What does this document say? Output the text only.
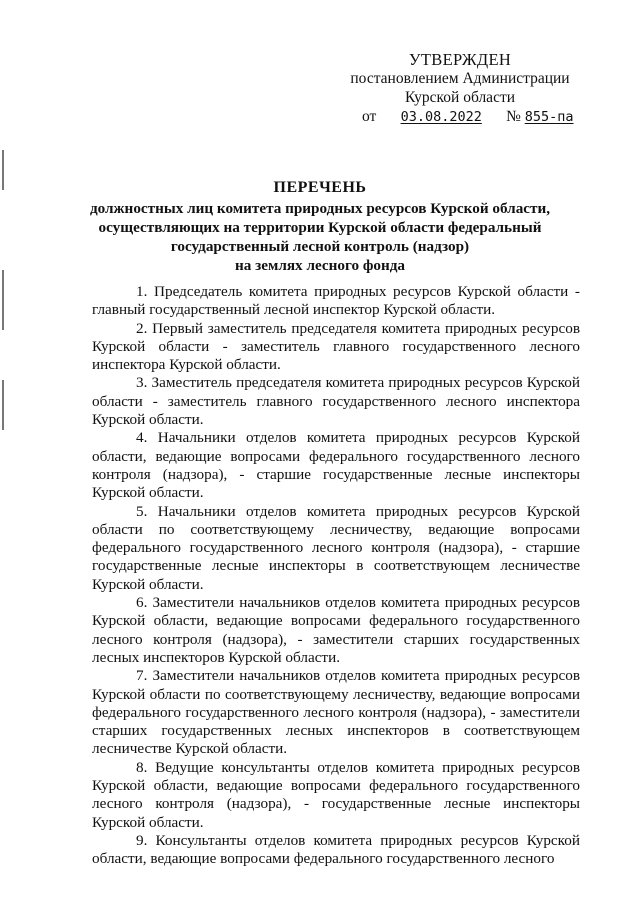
УТВЕРЖДЕН
постановлением Администрации
Курской области
от 03.08.2022 № 855-па
ПЕРЕЧЕНЬ
должностных лиц комитета природных ресурсов Курской области,
осуществляющих на территории Курской области федеральный
государственный лесной контроль (надзор)
на землях лесного фонда

1. Председатель комитета природных ресурсов Курской области - главный государственный лесной инспектор Курской области.

2. Первый заместитель председателя комитета природных ресурсов Курской области - заместитель главного государственного лесного инспектора Курской области.

3. Заместитель председателя комитета природных ресурсов Курской области - заместитель главного государственного лесного инспектора Курской области.

4. Начальники отделов комитета природных ресурсов Курской области, ведающие вопросами федерального государственного лесного контроля (надзора), - старшие государственные лесные инспекторы Курской области.

5. Начальники отделов комитета природных ресурсов Курской области по соответствующему лесничеству, ведающие вопросами федерального государственного лесного контроля (надзора), - старшие государственные лесные инспекторы в соответствующем лесничестве Курской области.

6. Заместители начальников отделов комитета природных ресурсов Курской области, ведающие вопросами федерального государственного лесного контроля (надзора), - заместители старших государственных лесных инспекторов Курской области.

7. Заместители начальников отделов комитета природных ресурсов Курской области по соответствующему лесничеству, ведающие вопросами федерального государственного лесного контроля (надзора), - заместители старших государственных лесных инспекторов в соответствующем лесничестве Курской области.

8. Ведущие консультанты отделов комитета природных ресурсов Курской области, ведающие вопросами федерального государственного лесного контроля (надзора), - государственные лесные инспекторы Курской области.

9. Консультанты отделов комитета природных ресурсов Курской области, ведающие вопросами федерального государственного лесного
